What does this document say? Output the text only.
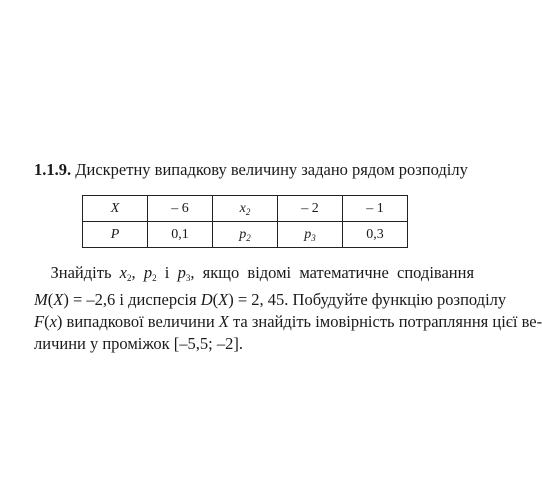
1.1.9. Дискретну випадкову величину задано рядом розподілу
X	– 6	$x_2$	– 2	– 1
P	0,1	$p_2$	$p_3$	0,3
 Знайдіть $x_2$, $p_2$ і $p_3$, якщо відомі математичне сподівання
M(X) = –2,6 і дисперсія D(X) = 2, 45. Побудуйте функцію розподілу
F(x) випадкової величини X та знайдіть імовірність потрапляння цієї ве-
личини у проміжок [–5,5; –2].
